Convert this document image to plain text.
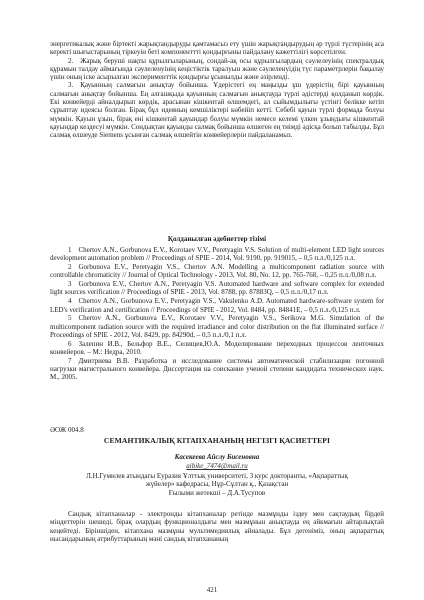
энергетикалық және біртекті жарықтандыруды қамтамасыз ету үшін жарықтандырудың әр түрлі түстерінің аса керекті шығыстарының тіркеуін беті компоненттті қондырғыны пайдалану кажеттілігі көрсетілген.

2. Жарық беруші нақты құрылғыларының, сондай-ақ осы құрылғылардың сәулелеуінің спектралдық құрамын талдау аймағында сәулеленуінің кеңістіктік таралуын және сәулеленуідің түс параметрлерін бақылау үшін оның іске асырылған эксперименттік қондырғы ұсынылды және әзірленді.

3. Қауынның салмағын анықтау бойынша. Ұдерістегі ең маңызды ұш үдерістің бірі қауынның салмағын анықтау бойынша. Ең алғашқыда қауынның салмағын анықтауда түрлі әдістерді қолданып көрдік. Екі конвейерді айналдырып көрдік, арасынан кішкентай өлшемдегі, ал сыйымдылығы үстінгі белікке кетіп сұрыптау идеясы болған. Бірақ бұл идеяның кемшіліктері көбейіп кетті. Себебі қауын түрлі формада болуы мүмкін. Қауын ұзын, бірақ ені кішкентай қауындар болуы мүмкін немесе келемі үлкен ұзындығы кішкентай қауындар кездесуі мүмкін. Сондықтан қауынды салмақ бойынша өлшеген ең тиімді әдісқа болып табылды. Бұл салмақ өлшеуде Siemens ұсынған салмақ өлшейтін конвейерлерін пайдаланамыз.

Қолданылған әдебиеттер тізімі

1 Chertov A.N., Gorbunova E.V., Korotaev V.V., Peretyagin V.S. Solution of multi-element LED light sources development automation problem // Proceedings of SPIE - 2014, Vol. 9190, pp. 919015, – 0,5 п.л./0,125 п.л.

2 Gorbunova E.V., Peretyagin V.S., Chertov A.N. Modelling a multicomponent radiation source with controllable chromaticity // Journal of Optical Technology - 2013, Vol. 80, No. 12, pp. 765-768, – 0,25 п.л./0,08 п.л.

3 Gorbunova E.V., Chertov A.N., Peretyagin V.S. Automated hardware and software complex for extended light sources verification // Proceedings of SPIE - 2013, Vol. 8788, pp. 87883Q, – 0,5 п.л./0,17 п.л.

4 Chertov A.N., Gorbunova E.V., Peretyagin V.S., Vakulenko A.D. Automated hardware-software system for LED's verification and certification // Proceedings of SPIE - 2012, Vol. 8484, pp. 84841E, – 0,5 п.л./0,125 п.л.

5 Chertov A.N., Gorbunova E.V., Korotaev V.V., Peretyagin V.S., Serikova M.G. Simulation of the multicomponent radiation source with the required irradiance and color distribution on the flat illuminated surface // Proceedings of SPIE - 2012, Vol. 8429, pp. 84290d, – 0,5 п.л./0,1 п.л.

6 Залепин И.В., Бельфор В.Е., Селищев,Ю.А. Моделирование переходных процессов ленточных конвейеров. – М.: Недра, 2010.

7 Дмитриева В.В. Разработка и исследование системы автоматической стабилизации погонной нагрузки магистрального конвейера. Диссертация на соискание ученой степени кандидата технических наук. М., 2005.

ӘОЖ 004.8
СЕМАНТИКАЛЫҚ КІТАПХАНАНЫҢ НЕГІЗГІ ҚАСИЕТТЕРІ
Касекеева Айслу Бисеновна
aibike_7474@mail.ru
Л.Н.Гумилев атындағы Еуразия Ұлттық университеті, 3 курс докторанты, «Ақпараттық
жүйелер» кафедрасы, Нұр-Сұлтан қ., Қазақстан
Ғылыми жетекші – Д.А.Тусупов

Сандық кітапханалар - электронды кітапханалар ретінде мазмұнды іздеу мен сақтаудың бірдей міндеттерін шешеді, бірақ олардың функционалдығы мен мазмұнын анықтауда ең әйкмағын айтарлықтай кеңейтеді. Біріншіден, кітапхана мазмұны мультимедиялық айналады. Бұл дегеніміз, оның ақпараттық нысандарының атрибуттарының мәні сандық кітапхананың

421
